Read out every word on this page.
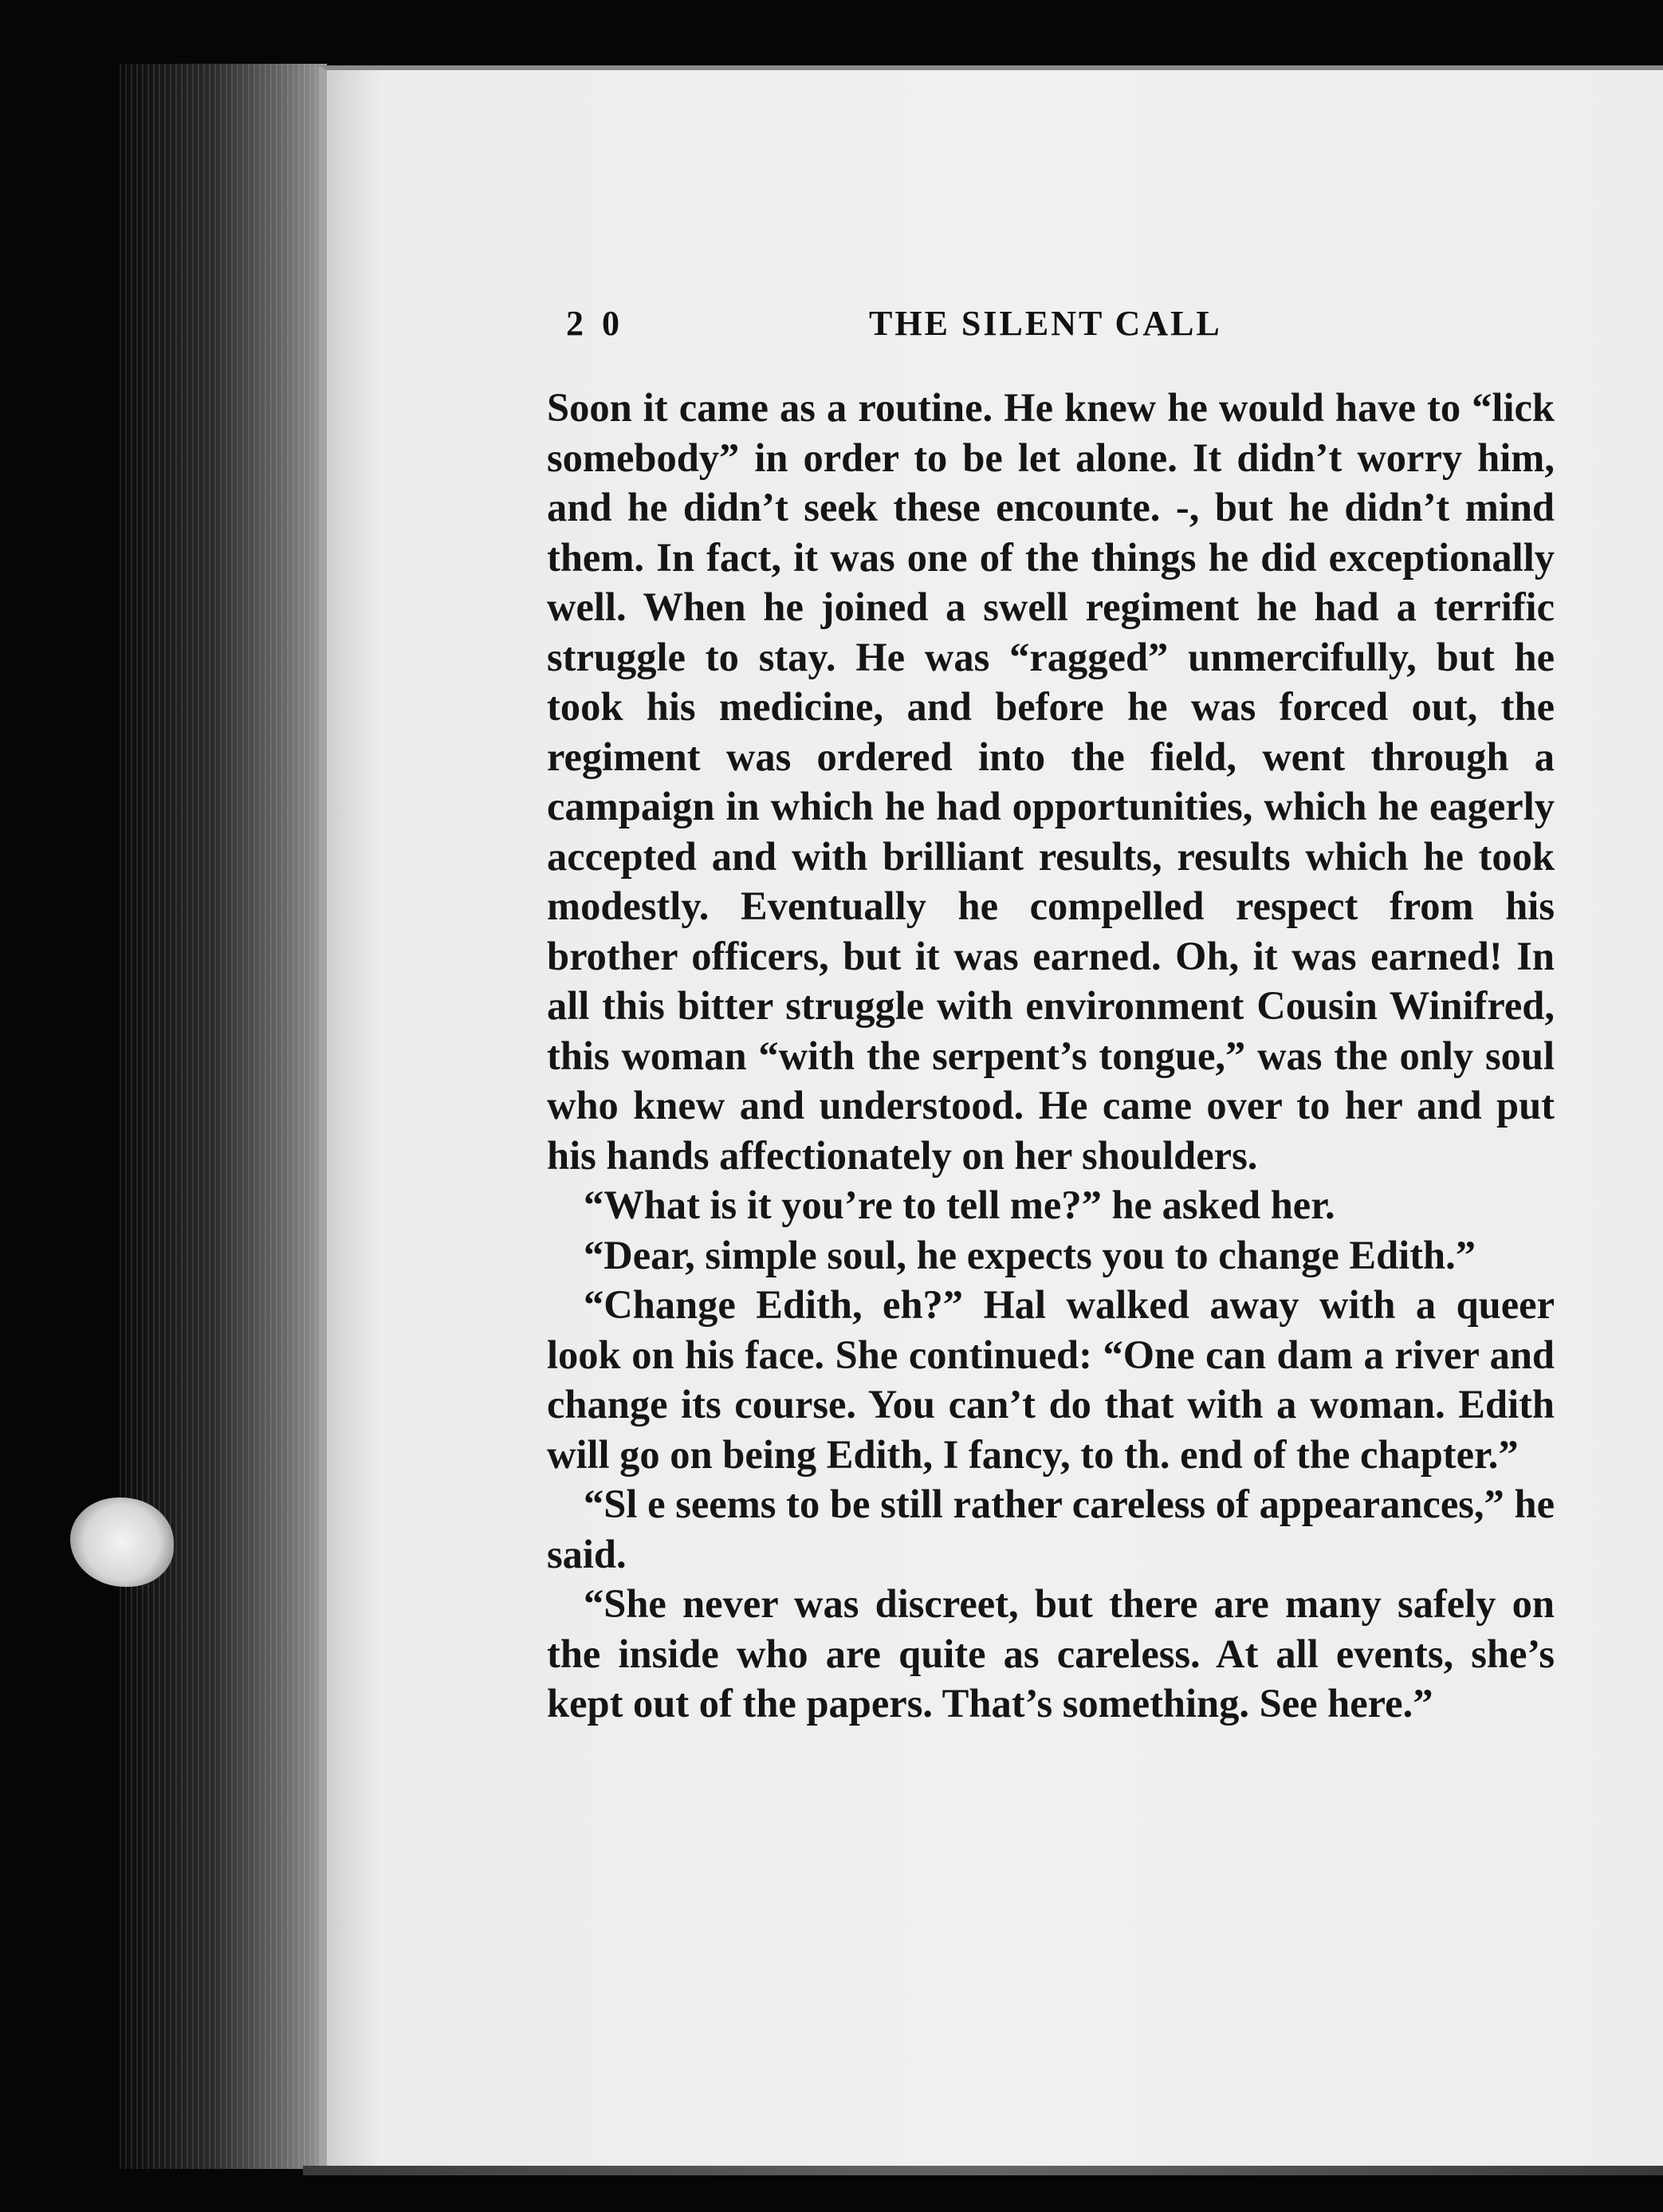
2 0	THE SILENT CALL

Soon it came as a routine. He knew he would have to “lick somebody” in order to be let alone. It didn’t worry him, and he didn’t seek these encounte. -, but he didn’t mind them. In fact, it was one of the things he did exceptionally well. When he joined a swell regiment he had a terrific struggle to stay. He was “ragged” unmercifully, but he took his medicine, and before he was forced out, the regiment was ordered into the field, went through a campaign in which he had opportunities, which he eagerly accepted and with brilliant results, results which he took modestly. Eventually he compelled respect from his brother officers, but it was earned. Oh, it was earned! In all this bitter struggle with environment Cousin Winifred, this woman “with the serpent’s tongue,” was the only soul who knew and understood. He came over to her and put his hands affectionately on her shoulders.

“What is it you’re to tell me?” he asked her.

“Dear, simple soul, he expects you to change Edith.”

“Change Edith, eh?” Hal walked away with a queer look on his face. She continued: “One can dam a river and change its course. You can’t do that with a woman. Edith will go on being Edith, I fancy, to th. end of the chapter.”

“Sl e seems to be still rather careless of appearances,” he said.

“She never was discreet, but there are many safely on the inside who are quite as careless. At all events, she’s kept out of the papers. That’s something. See here.”
